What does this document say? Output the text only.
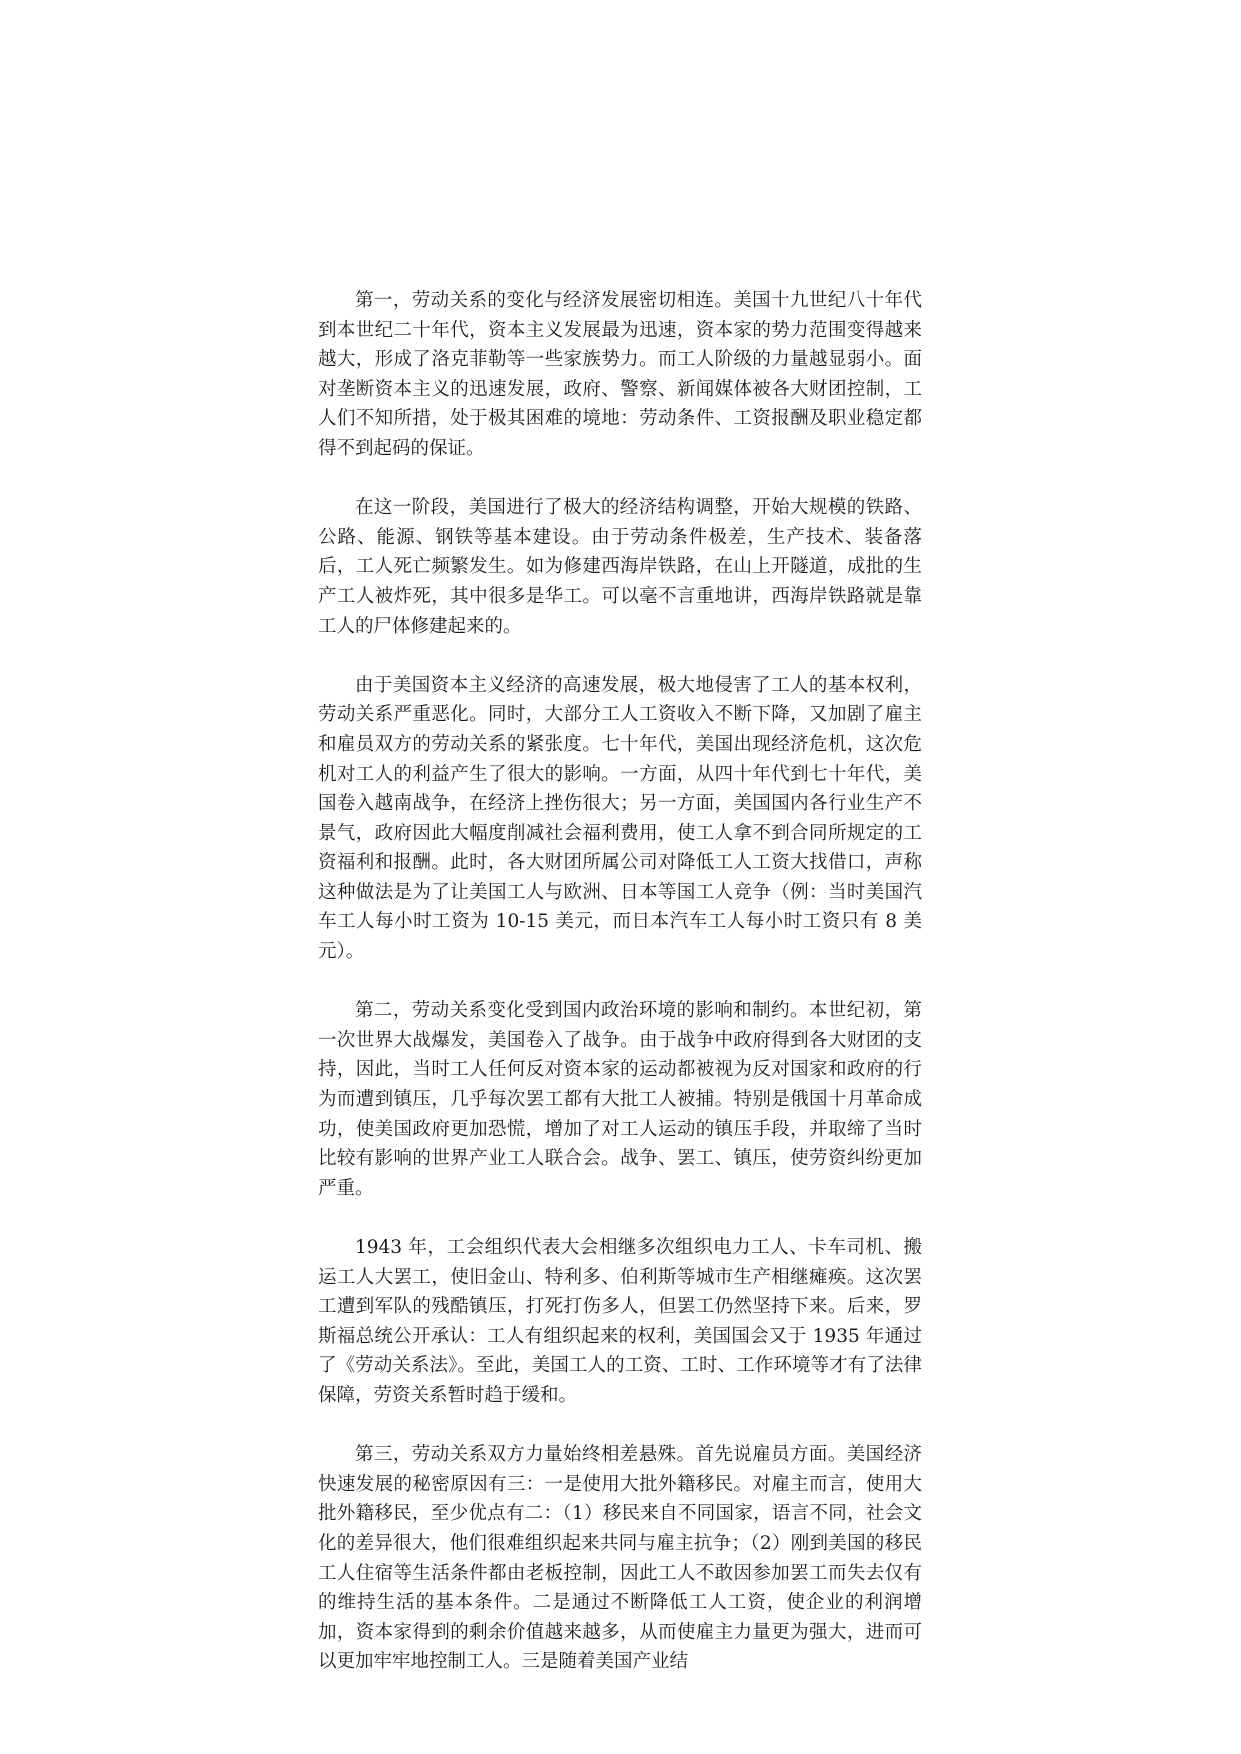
第一，劳动关系的变化与经济发展密切相连。美国十九世纪八十年代到本世纪二十年代，资本主义发展最为迅速，资本家的势力范围变得越来越大，形成了洛克菲勒等一些家族势力。而工人阶级的力量越显弱小。面对垄断资本主义的迅速发展，政府、警察、新闻媒体被各大财团控制，工人们不知所措，处于极其困难的境地：劳动条件、工资报酬及职业稳定都得不到起码的保证。

在这一阶段，美国进行了极大的经济结构调整，开始大规模的铁路、公路、能源、钢铁等基本建设。由于劳动条件极差，生产技术、装备落后，工人死亡频繁发生。如为修建西海岸铁路，在山上开隧道，成批的生产工人被炸死，其中很多是华工。可以毫不言重地讲，西海岸铁路就是靠工人的尸体修建起来的。

由于美国资本主义经济的高速发展，极大地侵害了工人的基本权利，劳动关系严重恶化。同时，大部分工人工资收入不断下降，又加剧了雇主和雇员双方的劳动关系的紧张度。七十年代，美国出现经济危机，这次危机对工人的利益产生了很大的影响。一方面，从四十年代到七十年代，美国卷入越南战争，在经济上挫伤很大；另一方面，美国国内各行业生产不景气，政府因此大幅度削减社会福利费用，使工人拿不到合同所规定的工资福利和报酬。此时，各大财团所属公司对降低工人工资大找借口，声称这种做法是为了让美国工人与欧洲、日本等国工人竞争（例：当时美国汽车工人每小时工资为 10-15 美元，而日本汽车工人每小时工资只有 8 美元）。

第二，劳动关系变化受到国内政治环境的影响和制约。本世纪初，第一次世界大战爆发，美国卷入了战争。由于战争中政府得到各大财团的支持，因此，当时工人任何反对资本家的运动都被视为反对国家和政府的行为而遭到镇压，几乎每次罢工都有大批工人被捕。特别是俄国十月革命成功，使美国政府更加恐慌，增加了对工人运动的镇压手段，并取缔了当时比较有影响的世界产业工人联合会。战争、罢工、镇压，使劳资纠纷更加严重。

1943 年，工会组织代表大会相继多次组织电力工人、卡车司机、搬运工人大罢工，使旧金山、特利多、伯利斯等城市生产相继瘫痪。这次罢工遭到军队的残酷镇压，打死打伤多人，但罢工仍然坚持下来。后来，罗斯福总统公开承认：工人有组织起来的权利，美国国会又于 1935 年通过了《劳动关系法》。至此，美国工人的工资、工时、工作环境等才有了法律保障，劳资关系暂时趋于缓和。

第三，劳动关系双方力量始终相差悬殊。首先说雇员方面。美国经济快速发展的秘密原因有三：一是使用大批外籍移民。对雇主而言，使用大批外籍移民，至少优点有二：（1）移民来自不同国家，语言不同，社会文化的差异很大，他们很难组织起来共同与雇主抗争；（2）刚到美国的移民工人住宿等生活条件都由老板控制，因此工人不敢因参加罢工而失去仅有的维持生活的基本条件。二是通过不断降低工人工资，使企业的利润增加，资本家得到的剩余价值越来越多，从而使雇主力量更为强大，进而可以更加牢牢地控制工人。三是随着美国产业结
